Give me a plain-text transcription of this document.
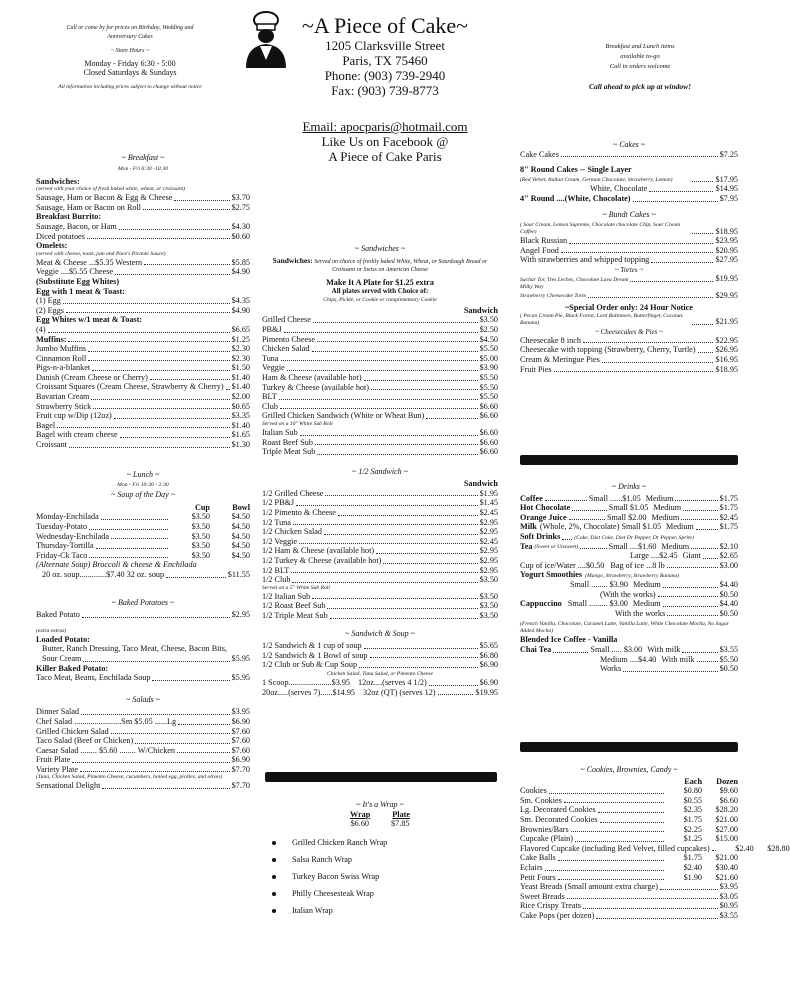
~A Piece of Cake~
1205 Clarksville Street
Paris, TX 75460
Phone: (903) 739-2940
Fax: (903) 739-8773
Email: apocparis@hotmail.com
Like Us on Facebook @
A Piece of Cake Paris
Call or come by for prices on Birthday, Wedding and
Anniversary Cakes
~ Store Hours ~
Monday - Friday 6:30 - 5:00
Closed Saturdays & Sundays
All information including prices subject to change without notice
Breakfast and Lunch items
available to-go
Call in orders welcome
Call ahead to pick up at window!
~ Breakfast ~
Mon - Fri 6:30 -10:30
Sandwiches:
(served with your choice of fresh baked white, wheat, or croissant)
Sausage, Ham or Bacon & Egg & Cheese	$3.70
Sausage, Ham or Bacon on Roll	$2.75
Breakfast Burrito:
Sausage, Bacon, or Ham	$4.30
Diced potatoes	$0.60
Omelets:
(served with cheese, toast, jam and Pace's Picante Sauce)
Meat & Cheese ...$5.35 Western	$5.85
Veggie ....$5.55 Cheese	$4.90
(Substitute Egg Whites)
Egg with 1 meat & Toast:
(1) Egg	$4.35
(2) Eggs	$4.90
Egg Whites w/1 meat & Toast:
(4)	$6.65
Muffins:	$1.25
Jumbo Muffins	$2.30
Cinnamon Roll	$2.30
Pigs-n-a-blanket	$1.50
Danish (Cream Cheese or Cherry)	$1.40
Croissant Squares (Cream Cheese, Strawberry & Cherry) $1.40
Bavarian Cream	$2.00
Strawberry Stick	$0.65
Fruit cup w/Dip (12oz)	$3.35
Bagel	$1.40
Bagel with cream cheese	$1.65
Croissant	$1.30
~ Lunch ~
Mon - Fri 10:30 - 2:30
~ Soup of the Day ~
Cup	Bowl
Monday-Enchilada	$3.50	$4.50
Tuesday-Potato	$3.50	$4.50
Wednesday-Enchilada	$3.50	$4.50
Thursday-Tortilla	$3.50	$4.50
Friday-Ck Taco	$3.50	$4.50
(Alternate Soup) Broccoli & cheese & Enchilada
20 oz. soup.............$7.40 32 oz. soup	$11.55
~ Baked Potatoes ~
Baked Potato	$2.95
(extra extras)
Loaded Potato:
Butter, Ranch Dressing, Taco Meat, Cheese, Bacon Bits,
Sour Cream	$5.95
Killer Baked Potato:
Taco Meat, Beans, Enchilada Soup	$5.95
~ Salads ~
Dinner Salad	$3.95
Chef Salad .......................Sm $5.05 ......Lg	$6.90
Grilled Chicken Salad	$7.60
Taco Salad (Beef or Chicken)	$7.60
Caesar Salad ........ $5.60 ........ W/Chicken	$7.60
Fruit Plate	$6.90
Variety Plate	$7.70
(Tuna, Chicken Salad, Pimento Cheese, cucumbers, boiled egg, pickles, and olives)
Sensational Delight	$7.70
~ Sandwiches ~
Sandwiches: Served on choice of freshly baked White, Wheat, or Sourdough Bread or Croissant or Swiss on American Cheese
Make It A Plate for $1.25 extra
All plates served with Choice of:
Chips, Pickle, or Cookie or complimentary Cookie
Sandwich
Grilled Cheese	$3.50
PB&J	$2.50
Pimento Cheese	$4.50
Chicken Salad	$5.50
Tuna	$5.00
Veggie	$3.90
Ham & Cheese (available hot)	$5.50
Turkey & Cheese (available hot)	$5.50
BLT	$5.50
Club	$6.60
Grilled Chicken Sandwich (White or Wheat Bun)	$6.60
Served on a 10" White Sub Roll
Italian Sub	$6.60
Roast Beef Sub	$6.60
Triple Meat Sub	$6.60
~ 1/2 Sandwich ~
Sandwich
1/2 Grilled Cheese	$1.95
1/2 PB&J	$1.45
1/2 Pimento & Cheese	$2.45
1/2 Tuna	$2.95
1/2 Chicken Salad	$2.95
1/2 Veggie	$2.45
1/2 Ham & Cheese (available hot)	$2.95
1/2 Turkey & Cheese (available hot)	$2.95
1/2 BLT	$2.95
1/2 Club	$3.50
Served on a 5" White Sub Roll
1/2 Italian Sub	$3.50
1/2 Roast Beef Sub	$3.50
1/2 Triple Meat Sub	$3.50
~ Sandwich & Soup ~
1/2 Sandwich & 1 cup of soup	$5.65
1/2 Sandwich & 1 Bowl of soup	$6.80
1/2 Club or Sub & Cup Soup	$6.90
Chicken Salad, Tuna Salad, or Pimento Cheese
1 Scoop.....................$3.95 12oz....(serves 4 1/2)	$6.90
20oz.....(serves 7)......$14.95 32oz (QT) (serves 12)	$19.95
~ It's a Wrap ~
Wrap	Plate
$6.60	$7.85
Grilled Chicken Ranch Wrap
Salsa Ranch Wrap
Turkey Bacon Swiss Wrap
Philly Cheesesteak Wrap
Italian Wrap
~ Cakes ~
Cake Cakes	$7.25
8" Round Cakes -- Single Layer
(Red Velvet, Italian Cream, German Chocolate, Strawberry, Lemon)	$17.95
White, Chocolate	$14.95
4" Round ....(White, Chocolate)	$7.95
~ Bundt Cakes ~
( Sour Cream, Lemon Supreme, Chocolate chocolate Chip, Sour Cream Coffee)	$18.95
Black Russian	$23.95
Angel Food	$20.95
With strawberries and whipped topping	$27.95
~ Tortes ~
Sachar Tor, Tres Leches, Chocolate Lava Dream	$19.95
Milky Way
Strawberry Cheesecake Torte	$29.95
~Special Order only: 24 Hour Notice
( Pecan Cream Pie, Black Forest, Lord Baltimore, Butterfinger, Coconut, Banana)	$21.95
~ Cheesecakes & Pies ~
Cheesecake 8 inch	$22.95
Cheesecake with topping (Strawberry, Cherry, Turtle) $26.95
Cream & Meringue Pies	$16.95
Fruit Pies	$18.95
~ Drinks ~
Coffee	Small ......$1.05 Medium	$1.75
Hot Chocolate	Small $1.05 Medium	$1.75
Orange Juice	Small $2.00 Medium	$2.45
Milk (Whole, 2%, Chocolate) Small $1.05 Medium	$1.75
Soft Drinks	(Coke, Diet Coke, Diet Dr Pepper, Dr Pepper, Sprite)
Tea (Sweet or Unsweet)	Small ....$1.60 Medium	$2.10
Large ....$2.45 Giant $2.65
Cup of ice/Water ....$0.50 Bag of ice ...8 lb	$3.00
Yogurt Smoothies (Mango, Strawberry, Strawberry Banana)
Small ........ $3.90 Medium	$4.40
(With the works)	$0.50
Cappuccino Small ......... $3.00 Medium	$4.40
With the works	$0.50
(French Vanilla, Chocolate, Caramel Latte, Vanilla Latte, White Chocolate Mocha, No Sugar Added Mocha)
Blended Ice Coffee - Vanilla
Chai Tea	Small ..... $3.00 With milk	$3.55
Medium ....$4.40 With milk	$5.50
Works	$0.50
~ Cookies, Brownies, Candy ~
Each	Dozen
Cookies	$0.80	$9.60
Sm. Cookies	$0.55	$6.60
Lg. Decorated Cookies	$2.35	$28.20
Sm. Decorated Cookies	$1.75	$21.00
Brownies/Bars	$2.25	$27.00
Cupcake (Plain)	$1.25	$15.00
Flavored Cupcake (including Red Velvet, filled cupcakes)	$2.40	$28.80
Cake Balls	$1.75	$21.00
Eclairs	$2.40	$30.40
Petit Fours	$1.90	$21.60
Yeast Breads (Small amount extra charge)	$3.95
Sweet Breads	$3.05
Rice Crispy Treats	$0.95
Cake Pops (per dozen)	$3.55
